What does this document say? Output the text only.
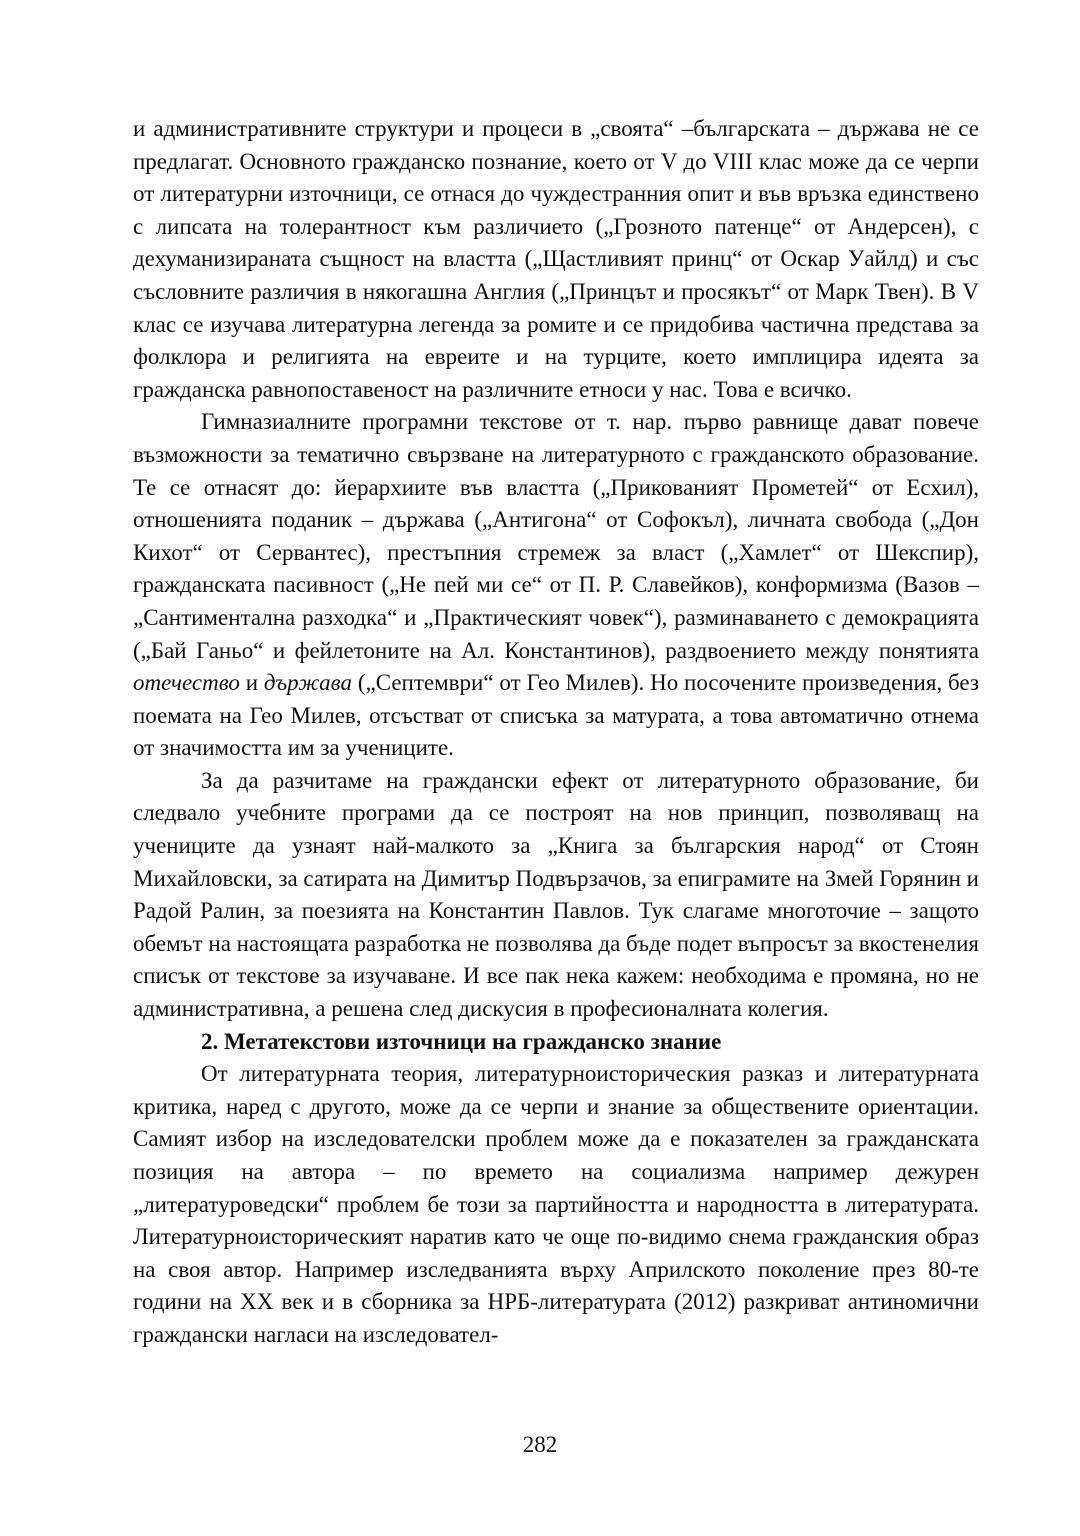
и административните структури и процеси в „своята“ –българската – държава не се предлагат. Основното гражданско познание, което от V до VIII клас може да се черпи от литературни източници, се отнася до чуждестранния опит и във връзка единствено с липсата на толерантност към различието („Грозното патенце“ от Андерсен), с дехуманизираната същност на властта („Щастливият принц“ от Оскар Уайлд) и със съсловните различия в някогашна Англия („Принцът и просякът“ от Марк Твен). В V клас се изучава литературна легенда за ромите и се придобива частична представа за фолклора и религията на евреите и на турците, което имплицира идеята за гражданска равнопоставеност на различните етноси у нас. Това е всичко.

Гимназиалните програмни текстове от т. нар. първо равнище дават повече възможности за тематично свързване на литературното с гражданското образование. Те се отнасят до: йерархиите във властта („Прикованият Прометей“ от Есхил), отношенията поданик – държава („Антигона“ от Софокъл), личната свобода („Дон Кихот“ от Сервантес), престъпния стремеж за власт („Хамлет“ от Шекспир), гражданската пасивност („Не пей ми се“ от П. Р. Славейков), конформизма (Вазов – „Сантиментална разходка“ и „Практическият човек“), разминаването с демокрацията („Бай Ганьо“ и фейлетоните на Ал. Константинов), раздвоението между понятията отечество и държава („Септември“ от Гео Милев). Но посочените произведения, без поемата на Гео Милев, отсъстват от списъка за матурата, а това автоматично отнема от значимостта им за учениците.

За да разчитаме на граждански ефект от литературното образование, би следвало учебните програми да се построят на нов принцип, позволяващ на учениците да узнаят най-малкото за „Книга за българския народ“ от Стоян Михайловски, за сатирата на Димитър Подвързачов, за епиграмите на Змей Горянин и Радой Ралин, за поезията на Константин Павлов. Тук слагаме многоточие – защото обемът на настоящата разработка не позволява да бъде подет въпросът за вкостенелия списък от текстове за изучаване. И все пак нека кажем: необходима е промяна, но не административна, а решена след дискусия в професионалната колегия.

2. Метатекстови източници на гражданско знание

От литературната теория, литературноисторическия разказ и литературната критика, наред с другото, може да се черпи и знание за обществените ориентации. Самият избор на изследователски проблем може да е показателен за гражданската позиция на автора – по времето на социализма например дежурен „литературоведски“ проблем бе този за партийността и народността в литературата. Литературноисторическият наратив като че още по-видимо снема гражданския образ на своя автор. Например изследванията върху Априлското поколение през 80-те години на XX век и в сборника за НРБ-литературата (2012) разкриват антиномични граждански нагласи на изследовател-

282
